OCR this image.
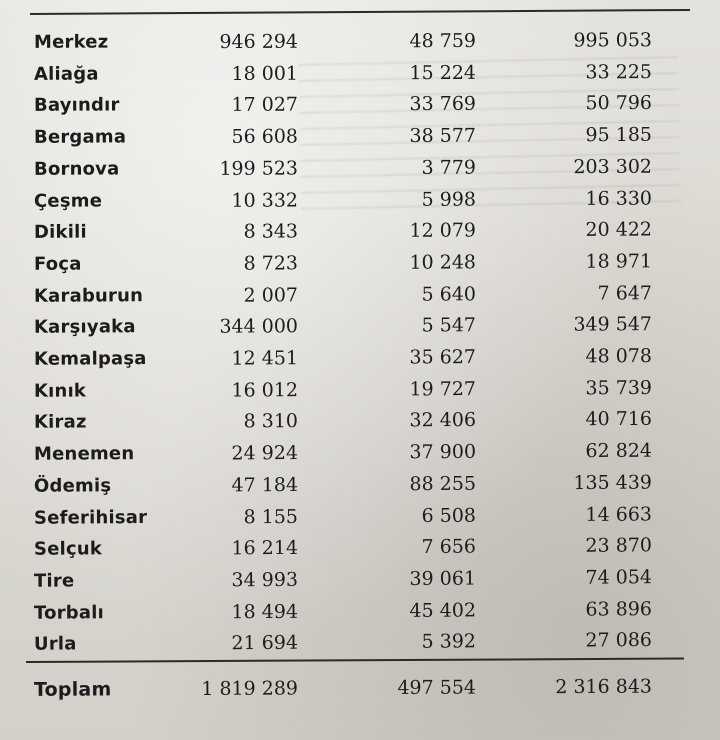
Merkez	946 294	48 759	995 053
Aliağa	18 001	15 224	33 225
Bayındır	17 027	33 769	50 796
Bergama	56 608	38 577	95 185
Bornova	199 523	3 779	203 302
Çeşme	10 332	5 998	16 330
Dikili	8 343	12 079	20 422
Foça	8 723	10 248	18 971
Karaburun	2 007	5 640	7 647
Karşıyaka	344 000	5 547	349 547
Kemalpaşa	12 451	35 627	48 078
Kınık	16 012	19 727	35 739
Kiraz	8 310	32 406	40 716
Menemen	24 924	37 900	62 824
Ödemiş	47 184	88 255	135 439
Seferihisar	8 155	6 508	14 663
Selçuk	16 214	7 656	23 870
Tire	34 993	39 061	74 054
Torbalı	18 494	45 402	63 896
Urla	21 694	5 392	27 086
Toplam	1 819 289	497 554	2 316 843
